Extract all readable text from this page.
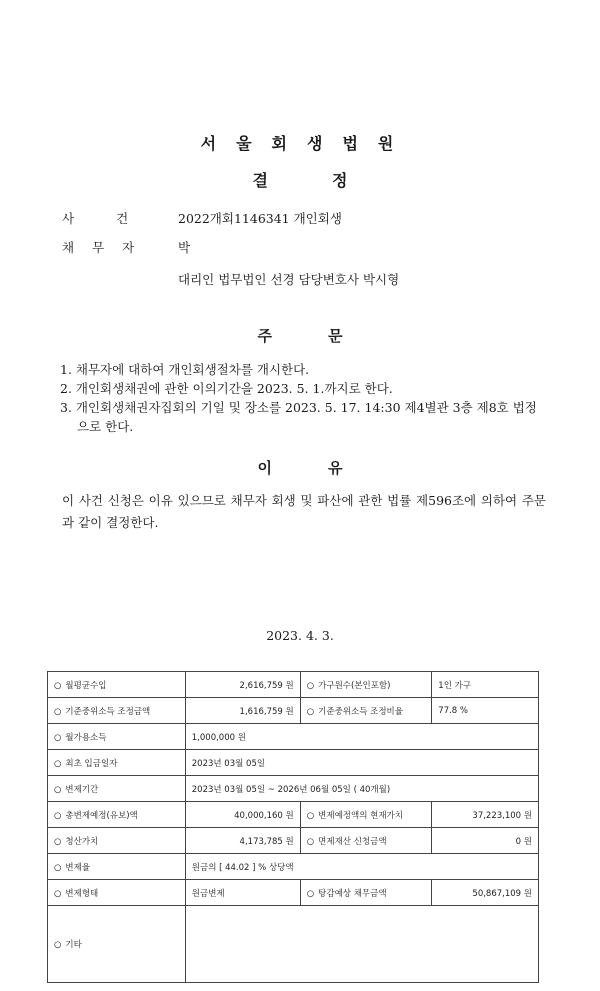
서울회생법원
결정
사건 2022개회1146341 개인회생
채무자 박
대리인 법무법인 선경 담당변호사 박시형
주문
1. 채무자에 대하여 개인회생절차를 개시한다.
2. 개인회생채권에 관한 이의기간을 2023. 5. 1.까지로 한다.
3. 개인회생채권자집회의 기일 및 장소를 2023. 5. 17. 14:30 제4별관 3층 제8호 법정으로 한다.
이유
이 사건 신청은 이유 있으므로 채무자 회생 및 파산에 관한 법률 제596조에 의하여 주문과 같이 결정한다.
2023. 4. 3.
○ 월평균수입	2,616,759 원	○ 가구원수(본인포함)	1인 가구
○ 기준중위소득 조정금액	1,616,759 원	○ 기준중위소득 조정비율	77.8 %
○ 월가용소득	1,000,000 원		
○ 최초 입금일자	2023년 03월 05일		
○ 변제기간	2023년 03월 05일 ~ 2026년 06월 05일 ( 40개월)		
○ 총변제예정(유보)액	40,000,160 원	○ 변제예정액의 현재가치	37,223,100 원
○ 청산가치	4,173,785 원	○ 면제재산 신청금액	0 원
○ 변제율	원금의 [ 44.02 ] % 상당액		
○ 변제형태	원금변제	○ 탕감예상 채무금액	50,867,109 원
○ 기타			
